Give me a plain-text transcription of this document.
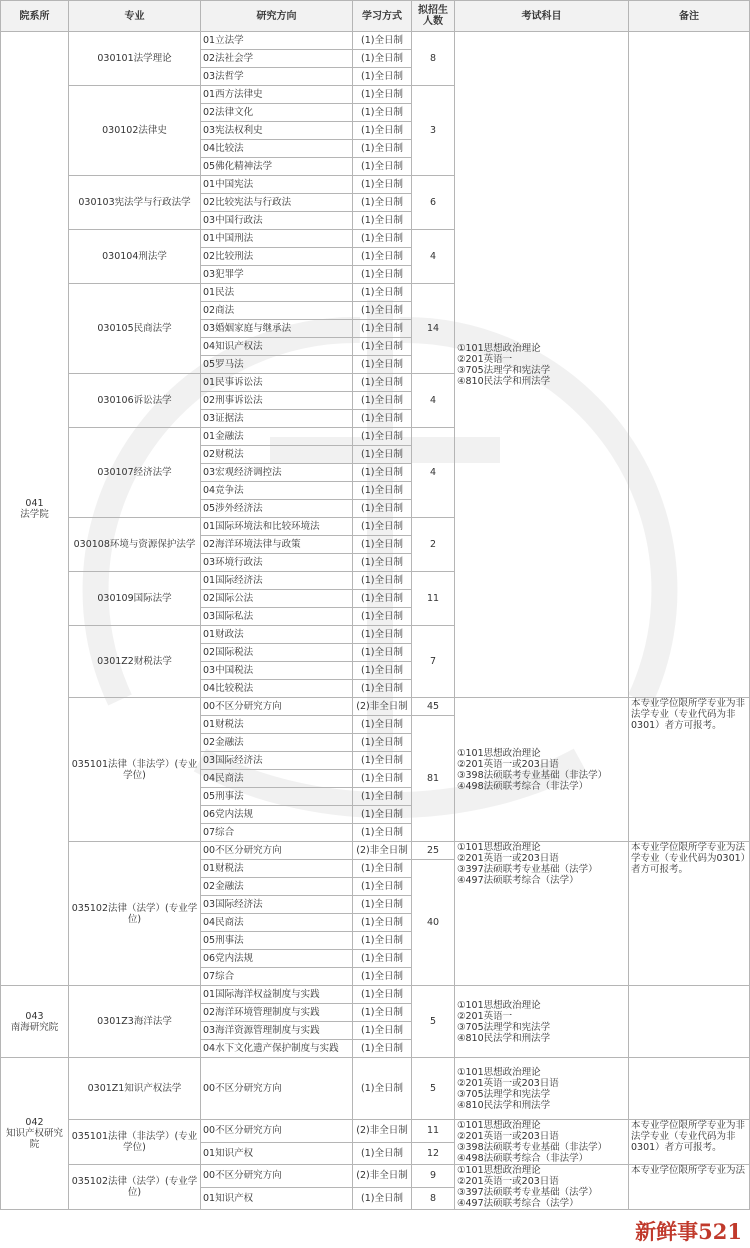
院系所	专业	研究方向	学习方式	拟招生人数	考试科目	备注

041
法学院	030101法学理论	01立法学	(1)全日制	8	①101思想政治理论
②201英语一
③705法理学和宪法学
④810民法学和刑法学	

		02法社会学	(1)全日制			
		03法哲学	(1)全日制			
	030102法律史	01西方法律史	(1)全日制	3		
		02法律文化	(1)全日制			
		03宪法权利史	(1)全日制			
		04比较法	(1)全日制			
		05佛化精神法学	(1)全日制			
	030103宪法学与行政法学	01中国宪法	(1)全日制	6		
		02比较宪法与行政法	(1)全日制			
		03中国行政法	(1)全日制			
	030104刑法学	01中国刑法	(1)全日制	4		
		02比较刑法	(1)全日制			
		03犯罪学	(1)全日制			
	030105民商法学	01民法	(1)全日制	14		
		02商法	(1)全日制			
		03婚姻家庭与继承法	(1)全日制			
		04知识产权法	(1)全日制			
		05罗马法	(1)全日制			
	030106诉讼法学	01民事诉讼法	(1)全日制	4		
		02刑事诉讼法	(1)全日制			
		03证据法	(1)全日制			
	030107经济法学	01金融法	(1)全日制	4		
		02财税法	(1)全日制			
		03宏观经济调控法	(1)全日制			
		04竞争法	(1)全日制			
		05涉外经济法	(1)全日制			
	030108环境与资源保护法学	01国际环境法和比较环境法	(1)全日制	2		
		02海洋环境法律与政策	(1)全日制			
		03环境行政法	(1)全日制			
	030109国际法学	01国际经济法	(1)全日制	11		
		02国际公法	(1)全日制			
		03国际私法	(1)全日制			
	0301Z2财税法学	01财政法	(1)全日制	7		
		02国际税法	(1)全日制			
		03中国税法	(1)全日制			
		04比较税法	(1)全日制			
	035101法律（非法学）(专业学位)	00不区分研究方向	(2)非全日制	45	①101思想政治理论
②201英语一或203日语
③398法硕联考专业基础（非法学）
④498法硕联考综合（非法学）	本专业学位限所学专业为非法学专业（专业代码为非0301）者方可报考。
		01财税法	(1)全日制	81		
		02金融法	(1)全日制			
		03国际经济法	(1)全日制			
		04民商法	(1)全日制			
		05刑事法	(1)全日制			
		06党内法规	(1)全日制			
		07综合	(1)全日制			
	035102法律（法学）(专业学位)	00不区分研究方向	(2)非全日制	25	①101思想政治理论
②201英语一或203日语
③397法硕联考专业基础（法学）
④497法硕联考综合（法学）	本专业学位限所学专业为法学专业（专业代码为0301）者方可报考。
		01财税法	(1)全日制	40		
		02金融法	(1)全日制			
		03国际经济法	(1)全日制			
		04民商法	(1)全日制			
		05刑事法	(1)全日制			
		06党内法规	(1)全日制			
		07综合	(1)全日制			

043
南海研究院	0301Z3海洋法学	01国际海洋权益制度与实践	(1)全日制	5	①101思想政治理论
②201英语一
③705法理学和宪法学
④810民法学和刑法学	

		02海洋环境管理制度与实践	(1)全日制			
		03海洋资源管理制度与实践	(1)全日制			
		04水下文化遗产保护制度与实践	(1)全日制			

042
知识产权研究院	0301Z1知识产权法学	00不区分研究方向	(1)全日制	5	①101思想政治理论
②201英语一或203日语
③705法理学和宪法学
④810民法学和刑法学	

	035101法律（非法学）(专业学位)	00不区分研究方向	(2)非全日制	11	①101思想政治理论
②201英语一或203日语
③398法硕联考专业基础（非法学）
④498法硕联考综合（非法学）	本专业学位限所学专业为非法学专业（专业代码为非0301）者方可报考。
		01知识产权	(1)全日制	12		
	035102法律（法学）(专业学位)	00不区分研究方向	(2)非全日制	9	①101思想政治理论
②201英语一或203日语
③397法硕联考专业基础（法学）
④497法硕联考综合（法学）	本专业学位限所学专业为法
		01知识产权	(1)全日制	8		
新鲜事521
